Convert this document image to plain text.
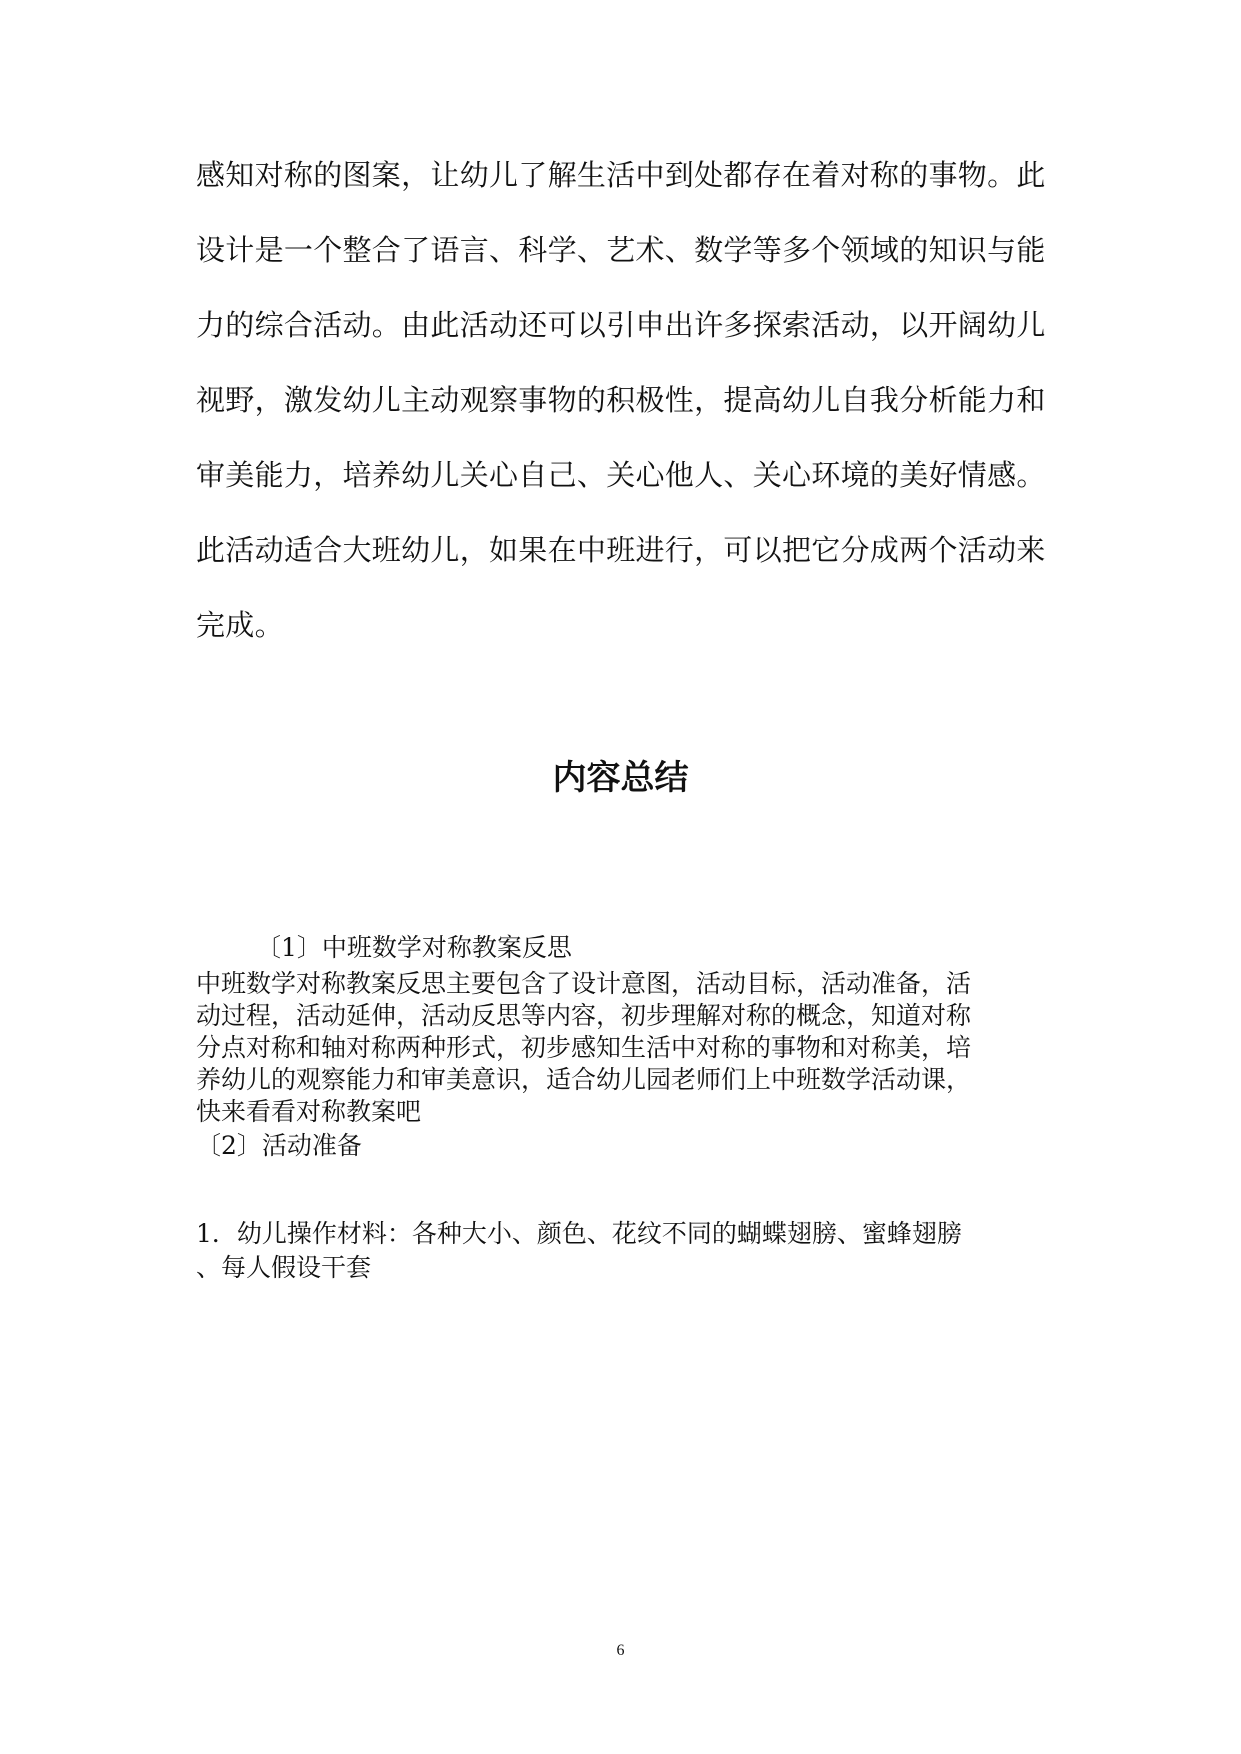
感知对称的图案，让幼儿了解生活中到处都存在着对称的事物。此
设计是一个整合了语言、科学、艺术、数学等多个领域的知识与能
力的综合活动。由此活动还可以引申出许多探索活动，以开阔幼儿
视野，激发幼儿主动观察事物的积极性，提高幼儿自我分析能力和
审美能力，培养幼儿关心自己、关心他人、关心环境的美好情感。
此活动适合大班幼儿，如果在中班进行，可以把它分成两个活动来
完成。
内容总结
〔1〕中班数学对称教案反思
中班数学对称教案反思主要包含了设计意图，活动目标，活动准备，活
动过程，活动延伸，活动反思等内容，初步理解对称的概念，知道对称
分点对称和轴对称两种形式，初步感知生活中对称的事物和对称美，培
养幼儿的观察能力和审美意识，适合幼儿园老师们上中班数学活动课，
快来看看对称教案吧
〔2〕活动准备
1．幼儿操作材料：各种大小、颜色、花纹不同的蝴蝶翅膀、蜜蜂翅膀
、每人假设干套
6
